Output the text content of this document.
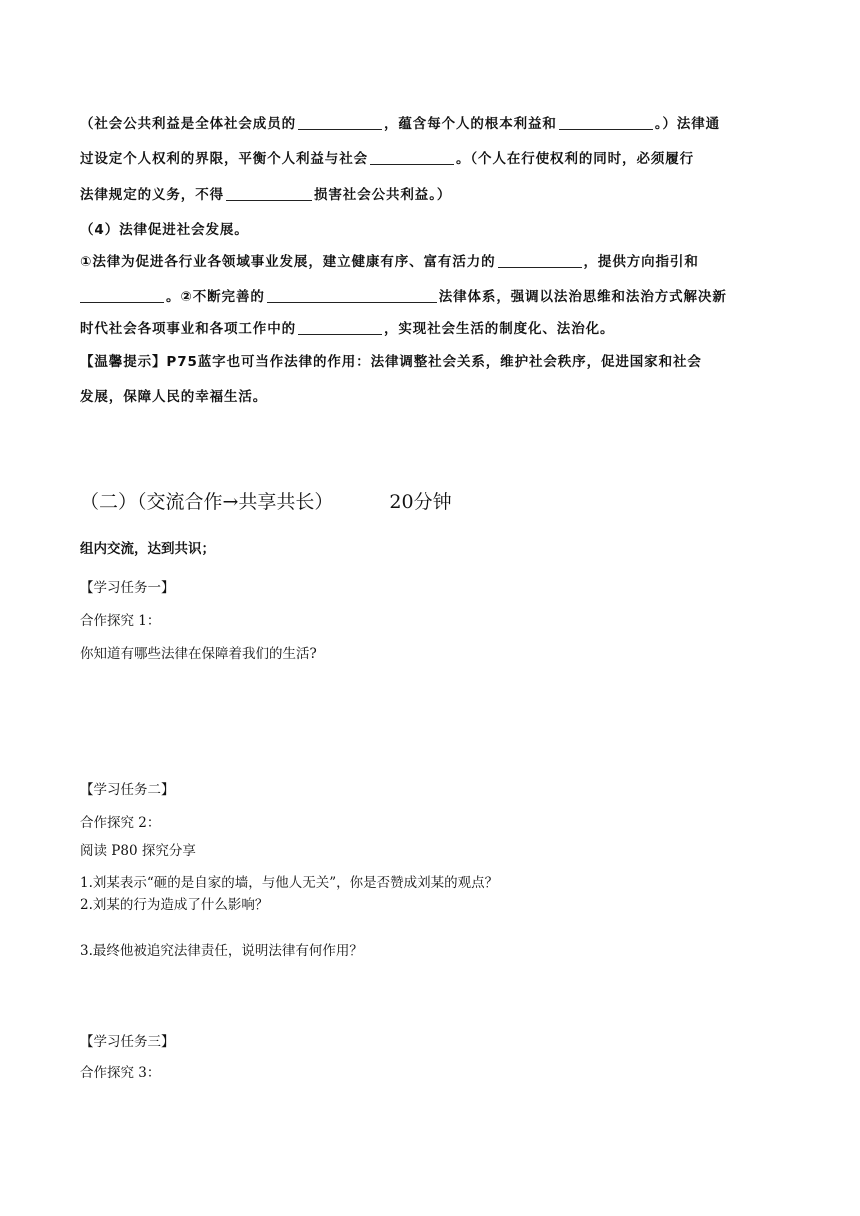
（社会公共利益是全体社会成员的	，蕴含每个人的根本利益和	。）法律通
过设定个人权利的界限，平衡个人利益与社会	。（个人在行使权利的同时，必须履行
法律规定的义务，不得	损害社会公共利益。）
（4）法律促进社会发展。
①法律为促进各行业各领域事业发展，建立健康有序、富有活力的	，提供方向指引和
。②不断完善的	法律体系，强调以法治思维和法治方式解决新
时代社会各项事业和各项工作中的	，实现社会生活的制度化、法治化。
【温馨提示】P75蓝字也可当作法律的作用：法律调整社会关系，维护社会秩序，促进国家和社会
发展，保障人民的幸福生活。
（二）（交流合作→共享共长）	20分钟
组内交流，达到共识；
【学习任务一】
合作探究 1：
你知道有哪些法律在保障着我们的生活?
【学习任务二】
合作探究 2：
阅读 P80 探究分享
1.刘某表示“砸的是自家的墙，与他人无关”，你是否赞成刘某的观点？
2.刘某的行为造成了什么影响？
3.最终他被追究法律责任，说明法律有何作用？
【学习任务三】
合作探究 3：
